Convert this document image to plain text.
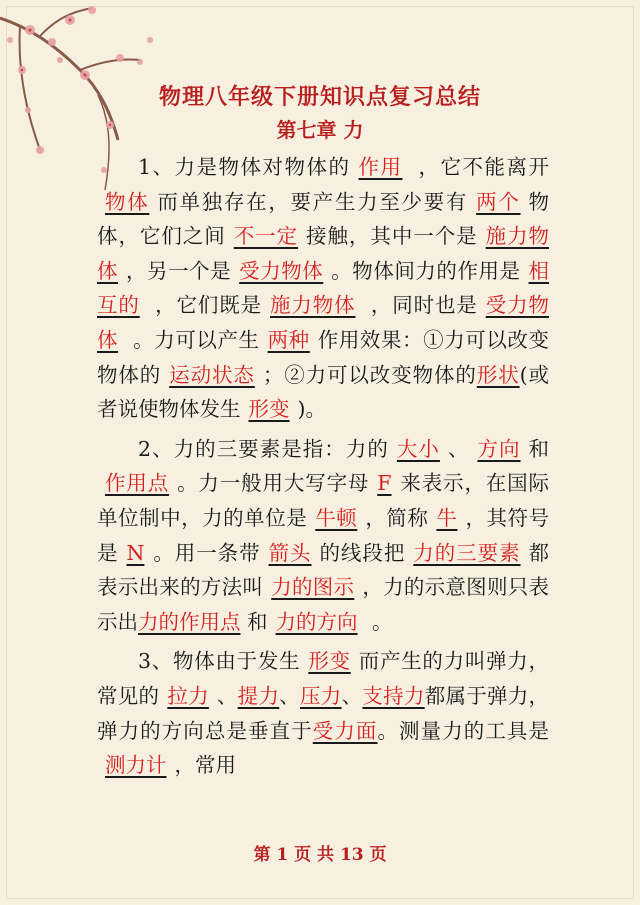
物理八年级下册知识点复习总结
第七章 力

1、力是物体对物体的 作用 ，它不能离开物体 而单独存在，要产生力至少要有 两个 物体，它们之间 不一定 接触，其中一个是 施力物体 ，另一个是 受力物体 。物体间力的作用是 相互的 ，它们既是 施力物体 ，同时也是 受力物体 。力可以产生 两种 作用效果：①力可以改变物体的 运动状态 ；②力可以改变物体的形状(或者说使物体发生 形变 )。

2、力的三要素是指：力的 大小 、 方向 和作用点 。力一般用大写字母 F 来表示，在国际单位制中，力的单位是 牛顿 ，简称 牛 ，其符号是 N 。用一条带 箭头 的线段把 力的三要素 都表示出来的方法叫 力的图示 ，力的示意图则只表示出力的作用点 和 力的方向 。

3、物体由于发生 形变 而产生的力叫弹力，常见的 拉力 、提力、压力、支持力都属于弹力，弹力的方向总是垂直于受力面。测量力的工具是测力计 ，常用

第 1 页 共 13 页
